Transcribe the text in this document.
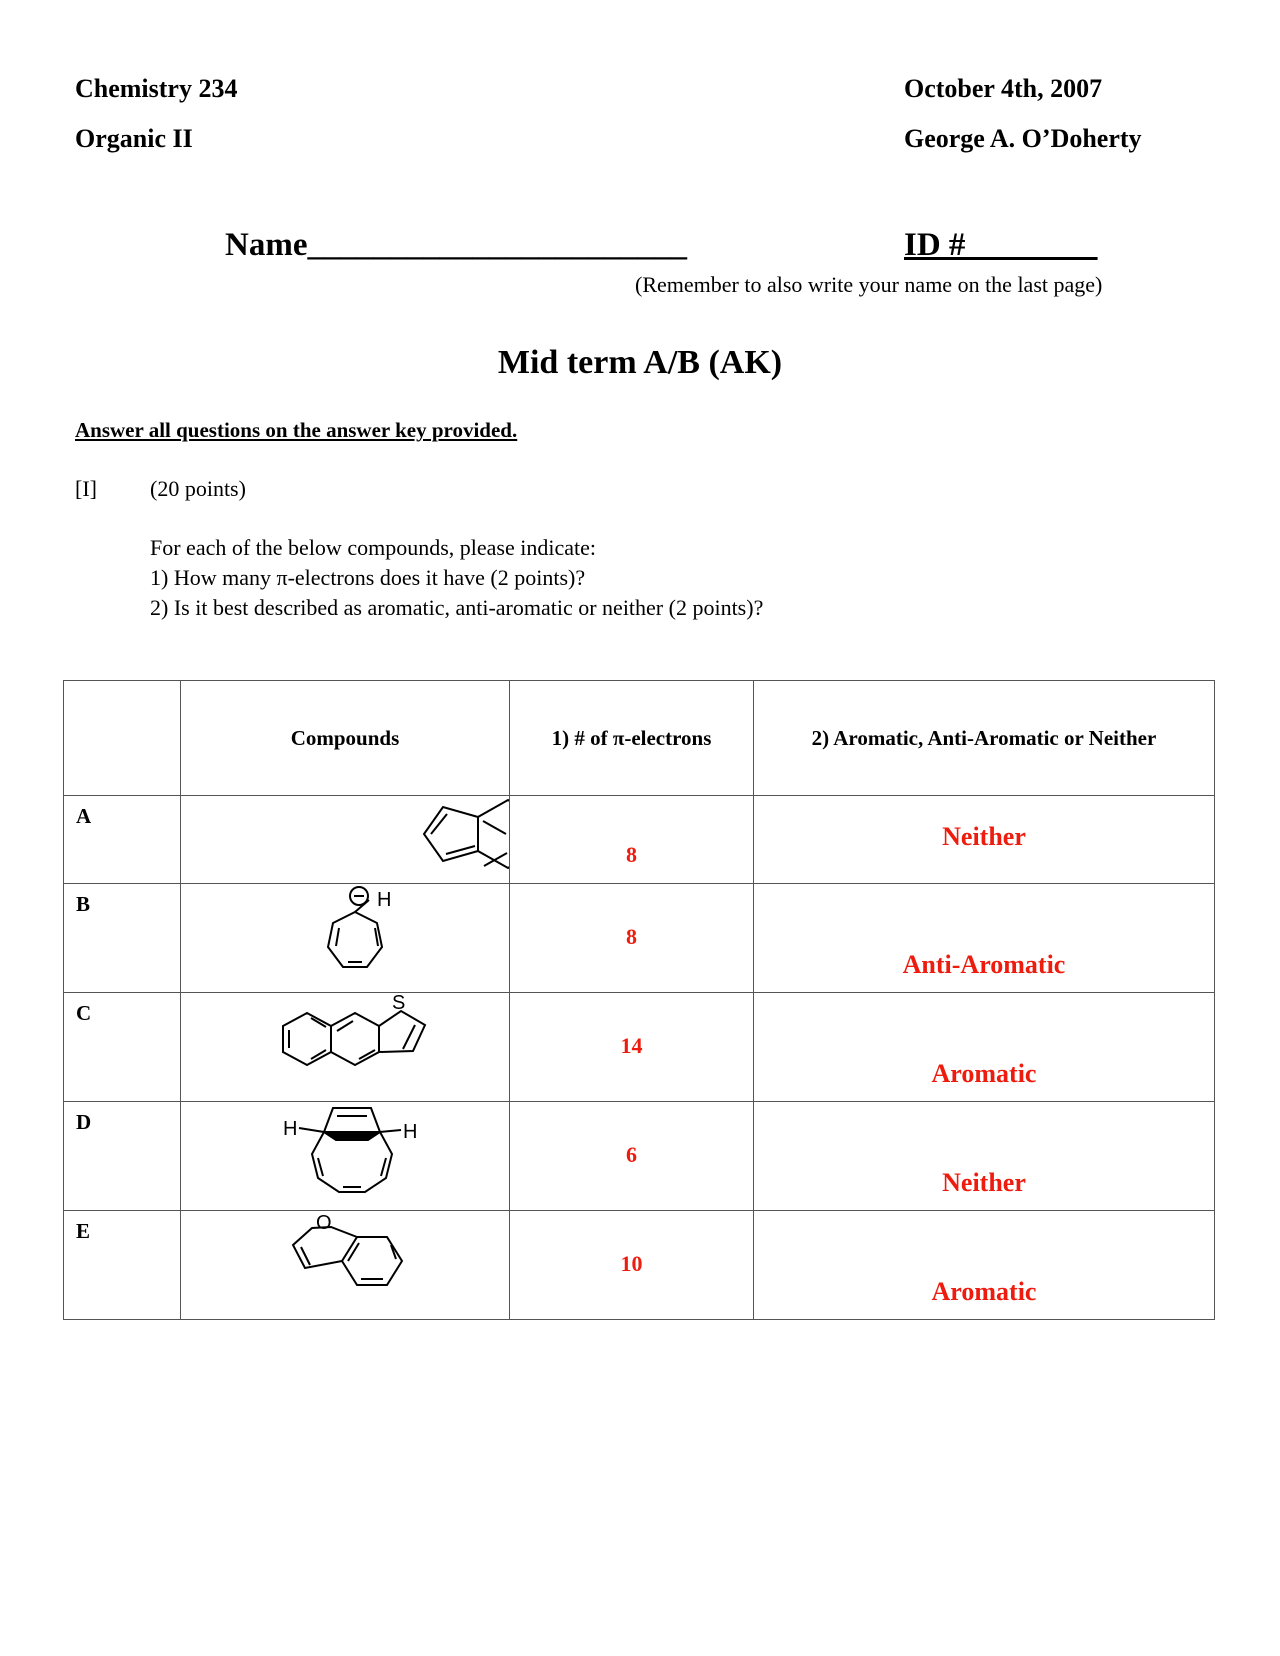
Chemistry 234
Organic II
October 4th, 2007
George A. O’Doherty
Name_______________________	ID #________
(Remember to also write your name on the last page)
Mid term A/B (AK)
Answer all questions on the answer key provided.
[I] (20 points)
For each of the below compounds, please indicate:
1) How many π-electrons does it have (2 points)?
2) Is it best described as aromatic, anti-aromatic or neither (2 points)?
	Compounds	1) # of π-electrons	2) Aromatic, Anti-Aromatic or Neither
A		8	Neither

B	H	8	Anti-Aromatic

C	S	14	Aromatic

D	H H	6	Neither

E	O	10	Aromatic
